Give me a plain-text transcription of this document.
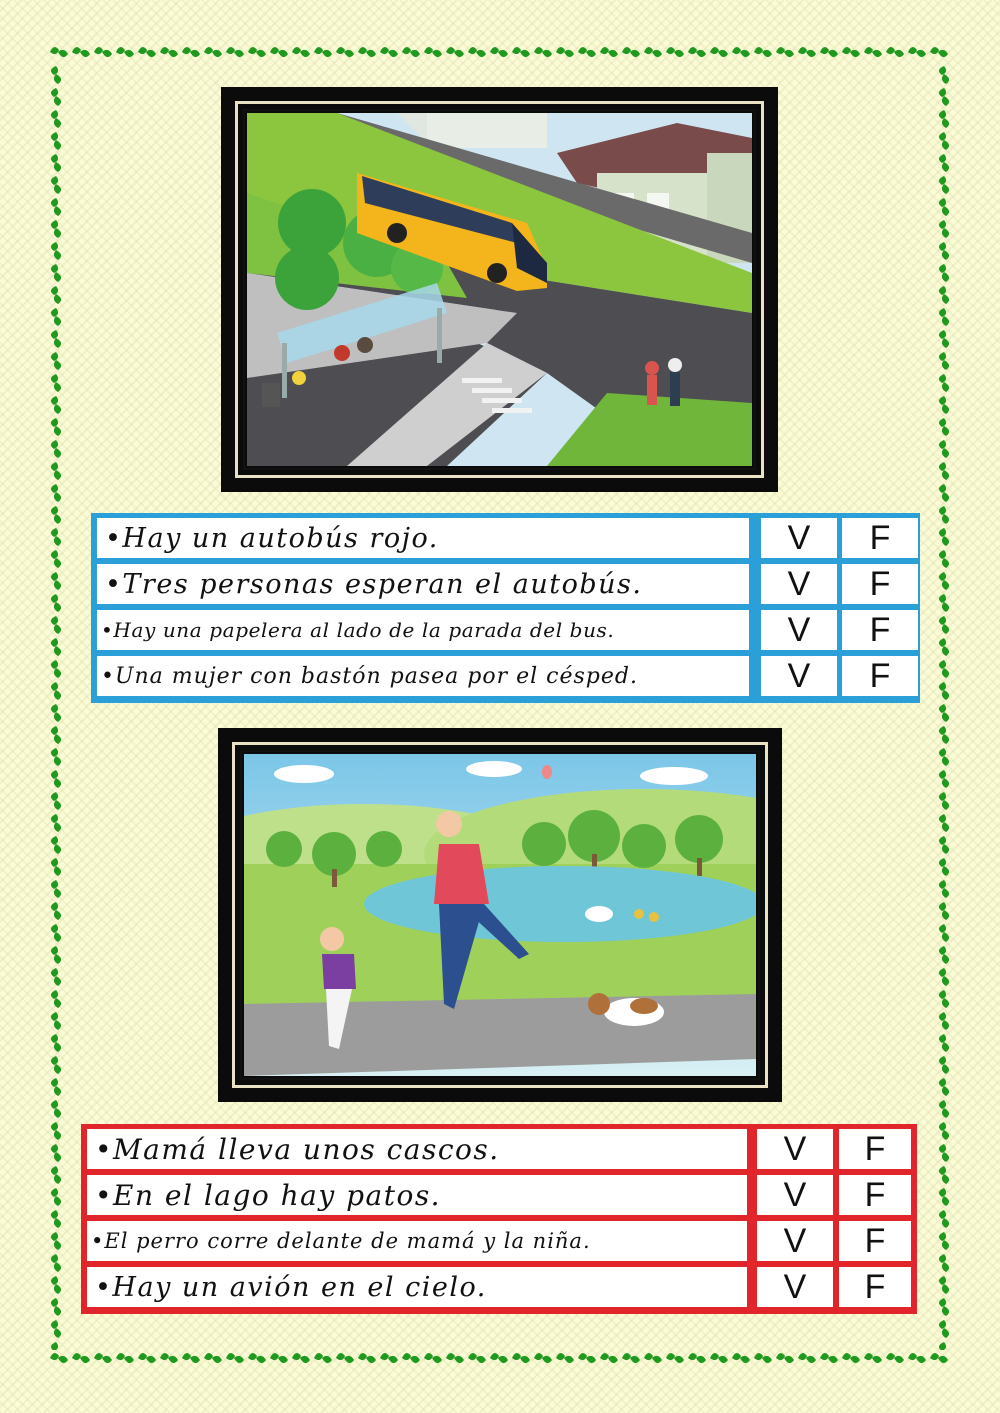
•Hay un autobús rojo.	V	F
•Tres personas esperan el autobús.	V	F
•Hay una papelera al lado de la parada del bus.	V	F
•Una mujer con bastón pasea por el césped.	V	F
•Mamá lleva unos cascos.	V	F
•En el lago hay patos.	V	F
•El perro corre delante de mamá y la niña.	V	F
•Hay un avión en el cielo.	V	F
